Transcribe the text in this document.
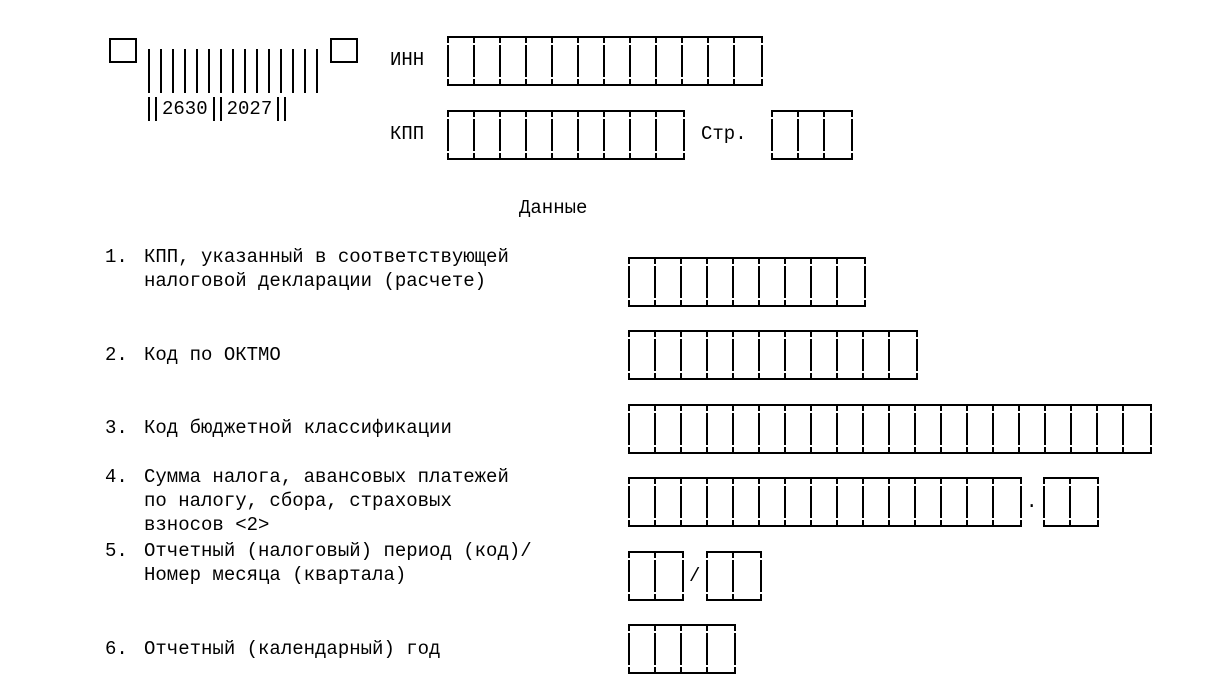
2630 2027
ИНН
КПП	Стр.
Данные
1. КПП, указанный в соответствующей
налоговой декларации (расчете)
2. Код по ОКТМО
3. Код бюджетной классификации
4. Сумма налога, авансовых платежей
по налогу, сбора, страховых
взносов <2>
.
5. Отчетный (налоговый) период (код)/
Номер месяца (квартала)	/
6. Отчетный (календарный) год
